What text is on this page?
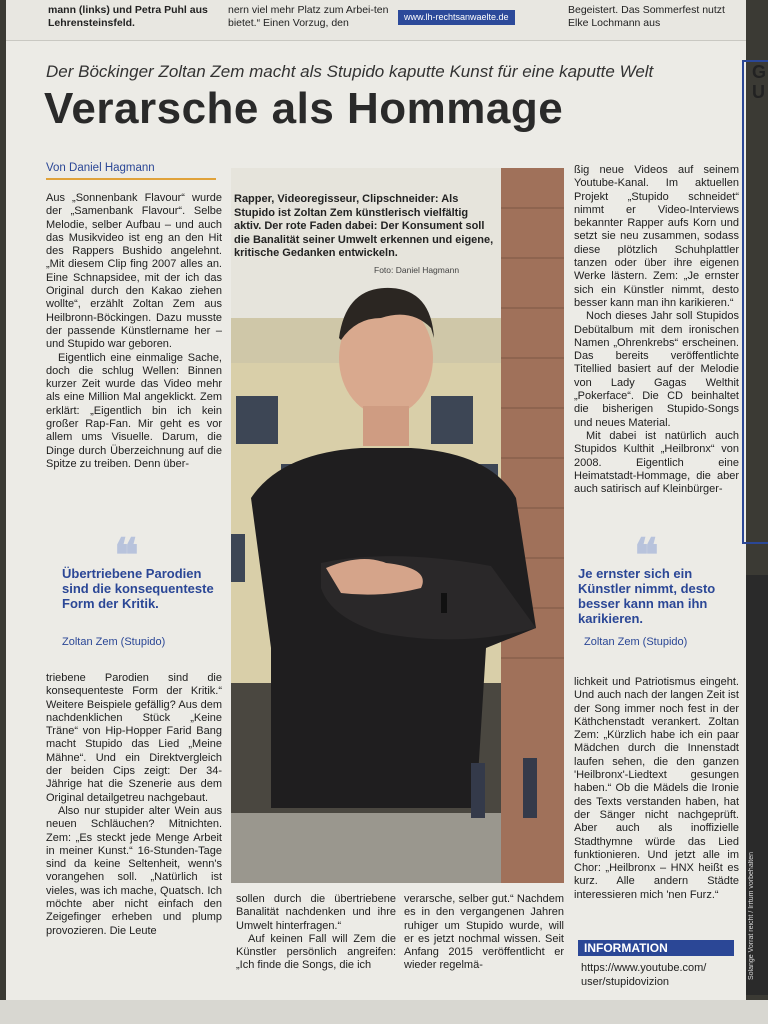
mann (links) und Petra Puhl aus Lehrensteinsfeld.
nern viel mehr Platz zum Arbei-ten bietet.“ Einen Vorzug, den	www.lh-rechtsanwaelte.de
Begeistert. Das Sommerfest nutzt Elke Lochmann aus
Der Böckinger Zoltan Zem macht als Stupido kaputte Kunst für eine kaputte Welt
Verarsche als Hommage
Von Daniel Hagmann

Aus „Sonnenbank Flavour“ wurde der „Samenbank Flavour“. Selbe Melodie, selber Aufbau – und auch das Musikvideo ist eng an den Hit des Rappers Bushido angelehnt. „Mit diesem Clip fing 2007 alles an. Eine Schnapsidee, mit der ich das Original durch den Kakao ziehen wollte“, erzählt Zoltan Zem aus Heilbronn-Böckingen. Dazu musste der passende Künstlername her – und Stupido war geboren.

Eigentlich eine einmalige Sache, doch die schlug Wellen: Binnen kurzer Zeit wurde das Video mehr als eine Million Mal angeklickt. Zem erklärt: „Eigentlich bin ich kein großer Rap-Fan. Mir geht es vor allem ums Visuelle. Darum, die Dinge durch Überzeichnung auf die Spitze zu treiben. Denn über-

❝
Übertriebene Parodien sind die konsequenteste Form der Kritik.
Zoltan Zem (Stupido)

triebene Parodien sind die konsequenteste Form der Kritik.“ Weitere Beispiele gefällig? Aus dem nachdenklichen Stück „Keine Träne“ von Hip-Hopper Farid Bang macht Stupido das Lied „Meine Mähne“. Und ein Direktvergleich der beiden Cips zeigt: Der 34-Jährige hat die Szenerie aus dem Original detailgetreu nachgebaut.

Also nur stupider alter Wein aus neuen Schläuchen? Mitnichten. Zem: „Es steckt jede Menge Arbeit in meiner Kunst.“ 16-Stunden-Tage sind da keine Seltenheit, wenn's vorangehen soll. „Natürlich ist vieles, was ich mache, Quatsch. Ich möchte aber nicht einfach den Zeigefinger erheben und plump provozieren. Die Leute

Rapper, Videoregisseur, Clipschneider: Als Stupido ist Zoltan Zem künstlerisch vielfältig aktiv. Der rote Faden dabei: Der Konsument soll die Banalität seiner Umwelt erkennen und eigene, kritische Gedanken entwickeln.
Foto: Daniel Hagmann

sollen durch die übertriebene Banalität nachdenken und ihre Umwelt hinterfragen.“

Auf keinen Fall will Zem die Künstler persönlich angreifen: „Ich finde die Songs, die ich

verarsche, selber gut.“ Nachdem es in den vergangenen Jahren ruhiger um Stupido wurde, will er es jetzt nochmal wissen. Seit Anfang 2015 veröffentlicht er wieder regelmä-

ßig neue Videos auf seinem Youtube-Kanal. Im aktuellen Projekt „Stupido schneidet“ nimmt er Video-Interviews bekannter Rapper aufs Korn und setzt sie neu zusammen, sodass diese plötzlich Schuhplattler tanzen oder über ihre eigenen Werke lästern. Zem: „Je ernster sich ein Künstler nimmt, desto besser kann man ihn karikieren.“

Noch dieses Jahr soll Stupidos Debütalbum mit dem ironischen Namen „Ohrenkrebs“ erscheinen. Das bereits veröffentlichte Titellied basiert auf der Melodie von Lady Gagas Welthit „Pokerface“. Die CD beinhaltet die bisherigen Stupido-Songs und neues Material.

Mit dabei ist natürlich auch Stupidos Kulthit „Heilbronx“ von 2008. Eigentlich eine Heimatstadt-Hommage, die aber auch satirisch auf Kleinbürger-

❝
Je ernster sich ein Künstler nimmt, desto besser kann man ihn karikieren.
Zoltan Zem (Stupido)

lichkeit und Patriotismus eingeht. Und auch nach der langen Zeit ist der Song immer noch fest in der Käthchenstadt verankert. Zoltan Zem: „Kürzlich habe ich ein paar Mädchen durch die Innenstadt laufen sehen, die den ganzen 'Heilbronx'-Liedtext gesungen haben.“ Ob die Mädels die Ironie des Texts verstanden haben, hat der Sänger nicht nachgeprüft. Aber auch als inoffizielle Stadthymne würde das Lied funktionieren. Und jetzt alle im Chor: „Heilbronx – HNX heißt es kurz. Alle andern Städte interessieren mich 'nen Furz.“

INFORMATION
https://www.youtube.com/ user/stupidovizion
G U
Solange Vorrat reicht / Irrtum vorbehalten
